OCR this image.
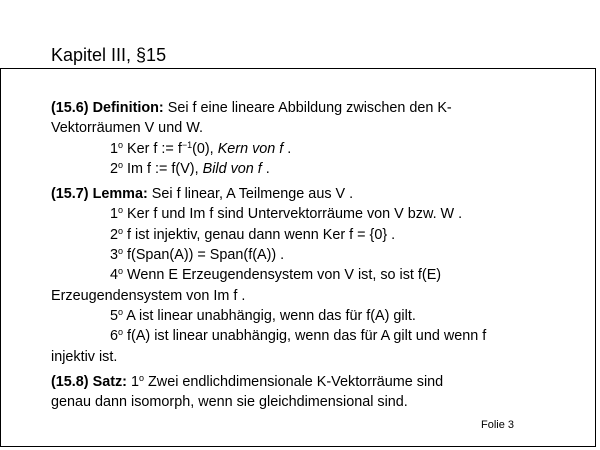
Kapitel III, §15
(15.6) Definition: Sei f eine lineare Abbildung zwischen den K-
Vektorräumen V und W.
1$^o$ Ker f := $f^{-1}(0)$, Kern von f .
2$^o$ Im f := f(V), Bild von f .
(15.7) Lemma: Sei f linear, A Teilmenge aus V .
1$^o$ Ker f und Im f sind Untervektorräume von V bzw. W .
2$^o$ f ist injektiv, genau dann wenn Ker f = {0} .
3$^o$ f(Span(A)) = Span(f(A)) .
4$^o$ Wenn E Erzeugendensystem von V ist, so ist f(E)
Erzeugendensystem von Im f .
5$^o$ A ist linear unabhängig, wenn das für f(A) gilt.
6$^o$ f(A) ist linear unabhängig, wenn das für A gilt und wenn f
injektiv ist.
(15.8) Satz: 1$^o$ Zwei endlichdimensionale K-Vektorräume sind
genau dann isomorph, wenn sie gleichdimensional sind.
Folie 3
